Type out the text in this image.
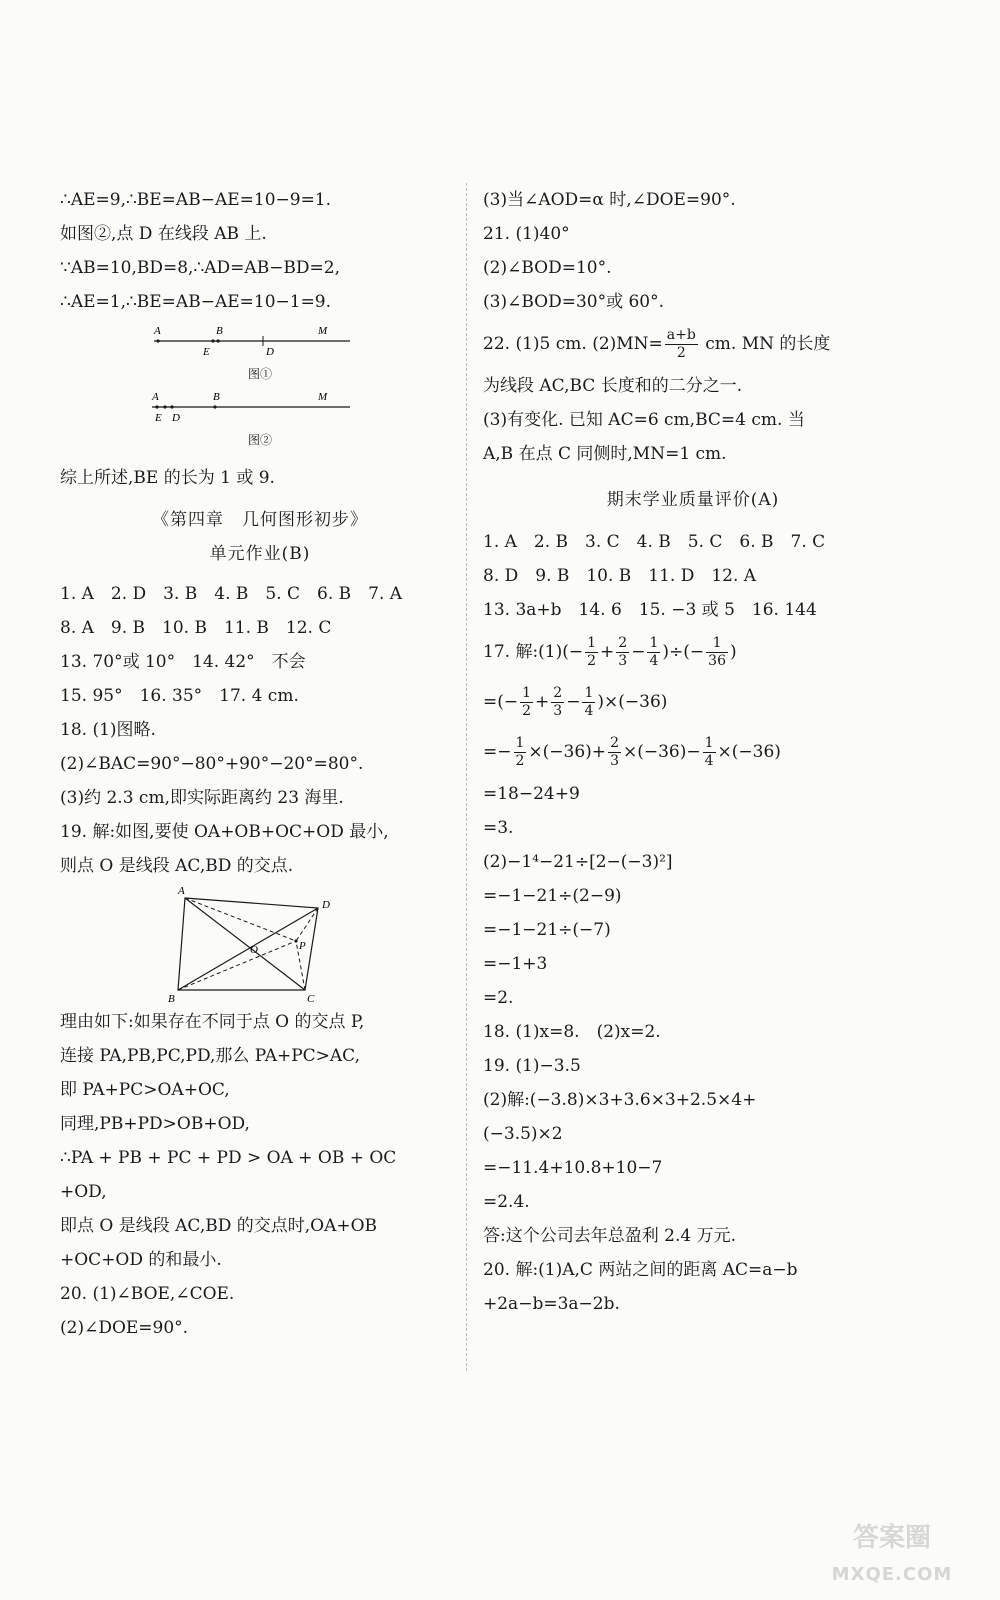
∴AE=9,∴BE=AB−AE=10−9=1.
如图②,点 D 在线段 AB 上.
∵AB=10,BD=8,∴AD=AB−BD=2,
∴AE=1,∴BE=AB−AE=10−1=9.
A	B	M
E	D
图①
A	B	M
E D
图②
综上所述,BE 的长为 1 或 9.
《第四章　几何图形初步》
单元作业(B)
1. A　2. D　3. B　4. B　5. C　6. B　7. A
8. A　9. B　10. B　11. B　12. C
13. 70°或 10°　14. 42°　不会
15. 95°　16. 35°　17. 4 cm.
18. (1)图略.
(2)∠BAC=90°−80°+90°−20°=80°.
(3)约 2.3 cm,即实际距离约 23 海里.
19. 解:如图,要使 OA+OB+OC+OD 最小,
则点 O 是线段 AC,BD 的交点.
A
D
O	P
B	C
理由如下:如果存在不同于点 O 的交点 P,
连接 PA,PB,PC,PD,那么 PA+PC>AC,
即 PA+PC>OA+OC,
同理,PB+PD>OB+OD,
∴PA + PB + PC + PD > OA + OB + OC
+OD,
即点 O 是线段 AC,BD 的交点时,OA+OB
+OC+OD 的和最小.
20. (1)∠BOE,∠COE.
(2)∠DOE=90°.
(3)当∠AOD=α 时,∠DOE=90°.
21. (1)40°
(2)∠BOD=10°.
(3)∠BOD=30°或 60°.
22. (1)5 cm. $(2)MN= \frac{a+b}{2}$ cm. MN 的长度
为线段 AC,BC 长度和的二分之一.
(3)有变化. 已知 AC=6 cm,BC=4 cm. 当
A,B 在点 C 同侧时,MN=1 cm.
期末学业质量评价(A)
1. A　2. B　3. C　4. B　5. C　6. B　7. C
8. D　9. B　10. B　11. D　12. A
13. 3a+b　14. 6　15. −3 或 5　16. 144
17. 解:(1)(− $\frac{1}{2} + \frac{2}{3} - \frac{1}{4}$ )÷(− $\frac{1}{36}$ )
=(− $\frac{1}{2} + \frac{2}{3} - \frac{1}{4} )\times(-36)$
=− $\frac{1}{2} \times(-36)+ \frac{2}{3} \times(-36)- \frac{1}{4} \times(-36)$
=18−24+9
=3.
(2)−1⁴−21÷[2−(−3)²]
=−1−21÷(2−9)
=−1−21÷(−7)
=−1+3
=2.
18. (1)x=8.　(2)x=2.
19. (1)−3.5
(2)解:(−3.8)×3+3.6×3+2.5×4+
(−3.5)×2
=−11.4+10.8+10−7
=2.4.
答:这个公司去年总盈利 2.4 万元.
20. 解:(1)A,C 两站之间的距离 AC=a−b
+2a−b=3a−2b.
答案圈
MXQE.COM
